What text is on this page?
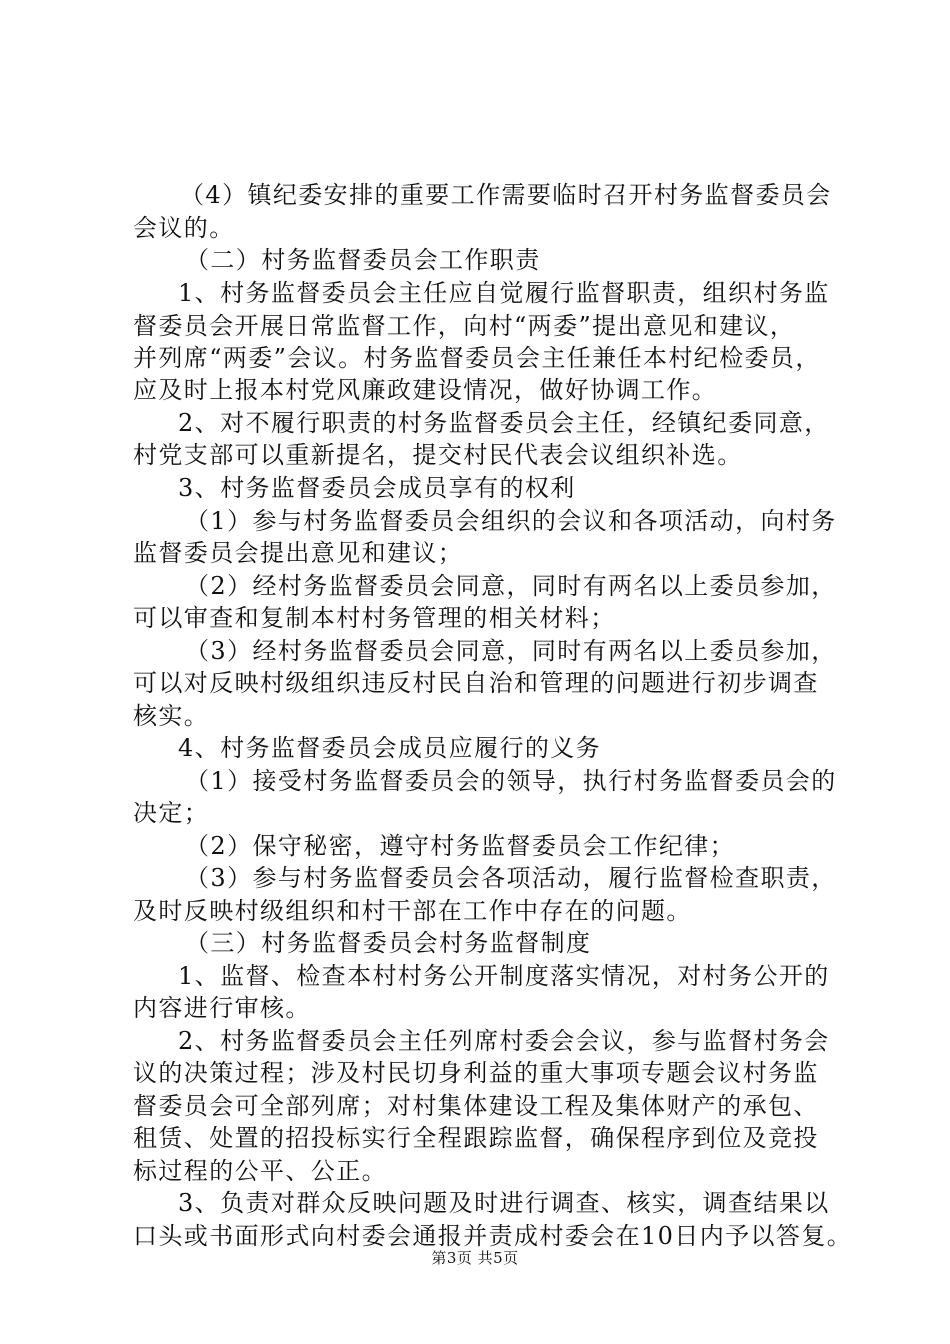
（4）镇纪委安排的重要工作需要临时召开村务监督委员会
会议的。
（二）村务监督委员会工作职责
1、村务监督委员会主任应自觉履行监督职责，组织村务监
督委员会开展日常监督工作，向村“两委”提出意见和建议，
并列席“两委”会议。村务监督委员会主任兼任本村纪检委员，
应及时上报本村党风廉政建设情况，做好协调工作。
2、对不履行职责的村务监督委员会主任，经镇纪委同意，
村党支部可以重新提名，提交村民代表会议组织补选。
3、村务监督委员会成员享有的权利
（1）参与村务监督委员会组织的会议和各项活动，向村务
监督委员会提出意见和建议；
（2）经村务监督委员会同意，同时有两名以上委员参加，
可以审查和复制本村村务管理的相关材料；
（3）经村务监督委员会同意，同时有两名以上委员参加，
可以对反映村级组织违反村民自治和管理的问题进行初步调查
核实。
4、村务监督委员会成员应履行的义务
（1）接受村务监督委员会的领导，执行村务监督委员会的
决定；
（2）保守秘密，遵守村务监督委员会工作纪律；
（3）参与村务监督委员会各项活动，履行监督检查职责，
及时反映村级组织和村干部在工作中存在的问题。
（三）村务监督委员会村务监督制度
1、监督、检查本村村务公开制度落实情况，对村务公开的
内容进行审核。
2、村务监督委员会主任列席村委会会议，参与监督村务会
议的决策过程；涉及村民切身利益的重大事项专题会议村务监
督委员会可全部列席；对村集体建设工程及集体财产的承包、
租赁、处置的招投标实行全程跟踪监督，确保程序到位及竞投
标过程的公平、公正。
3、负责对群众反映问题及时进行调查、核实，调查结果以
口头或书面形式向村委会通报并责成村委会在10日内予以答复。
第3页 共5页
